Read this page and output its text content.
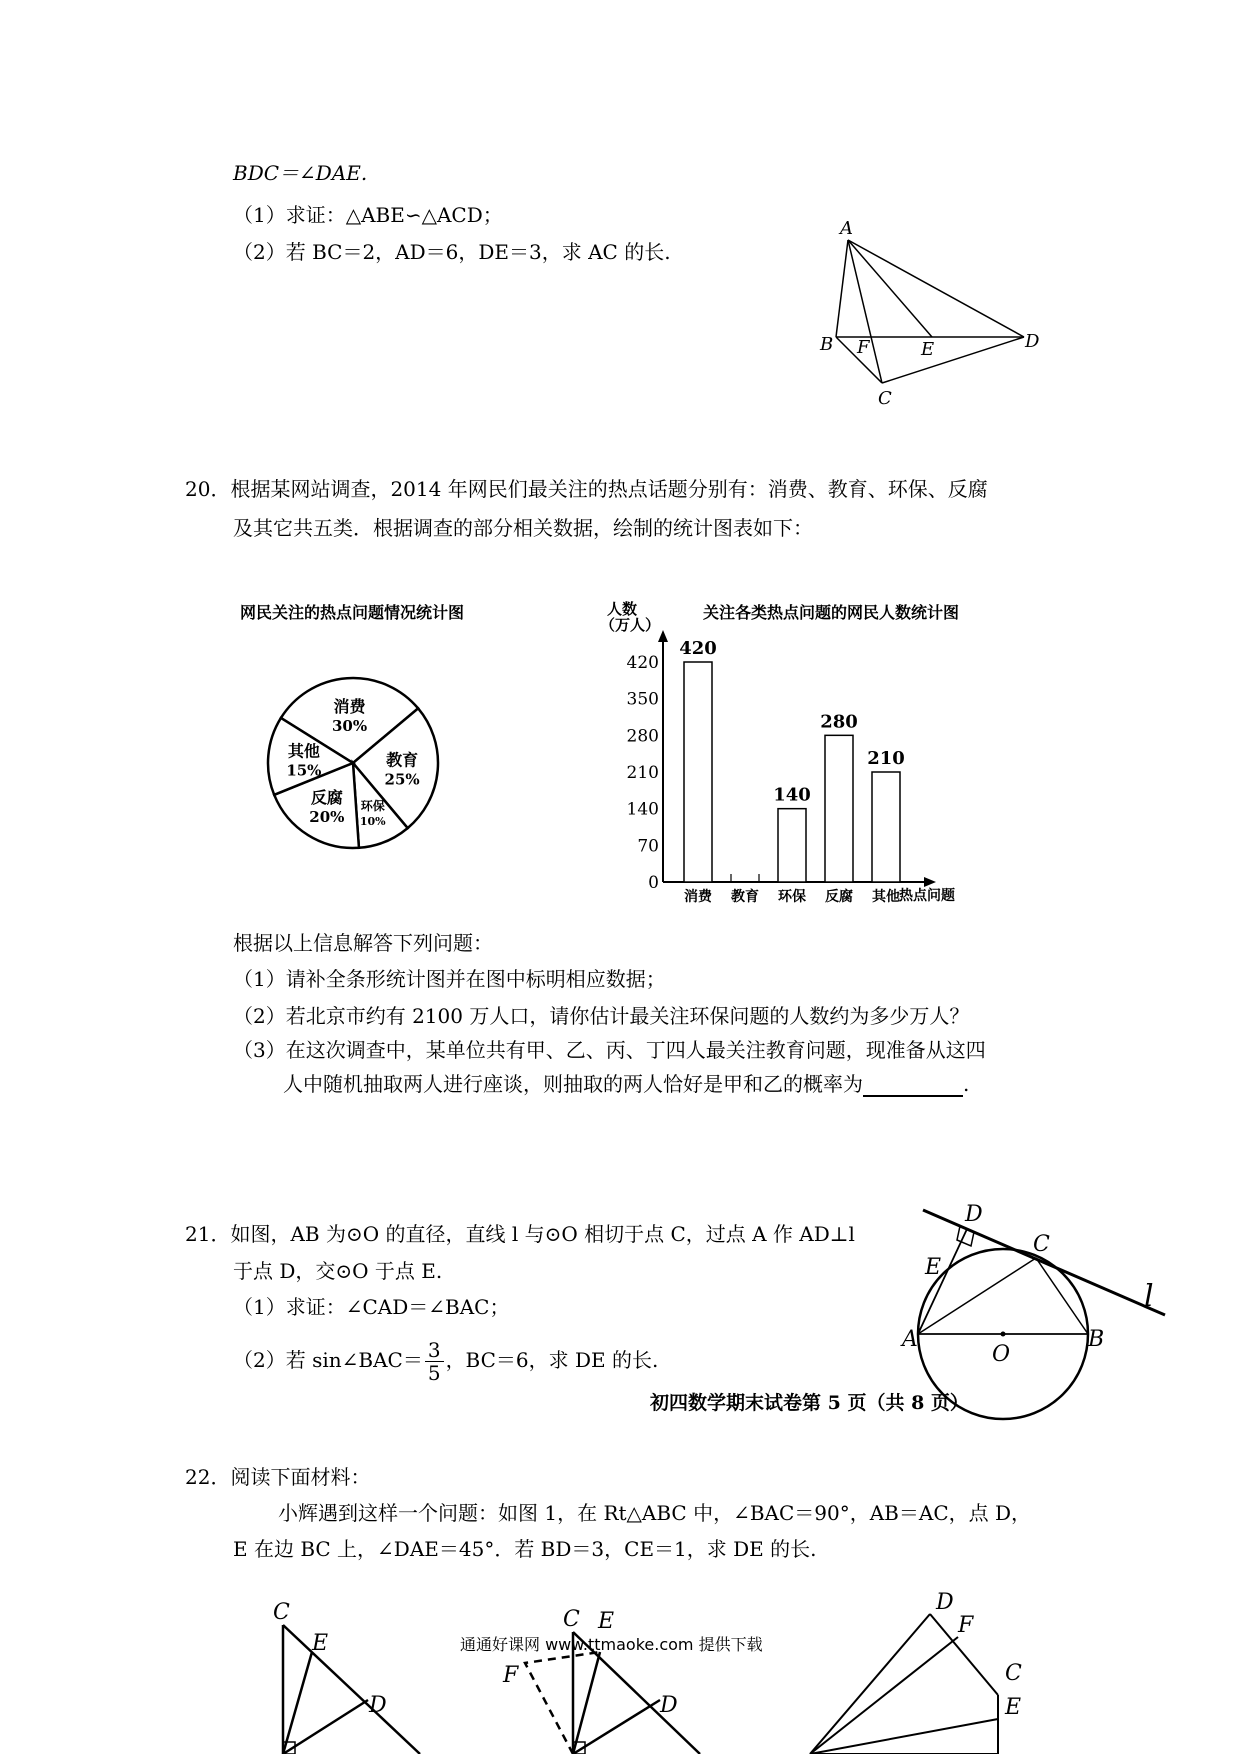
BDC＝∠DAE.
（1）求证：△ABE∽△ACD；
（2）若 BC＝2，AD＝6，DE＝3，求 AC 的长.
A
B F	E	D
C
20．根据某网站调查，2014 年网民们最关注的热点话题分别有：消费、教育、环保、反腐
及其它共五类．根据调查的部分相关数据，绘制的统计图表如下：
网民关注的热点问题情况统计图
消费
30%
教育
25%
环保
10%
反腐
20%
其他
15%
关注各类热点问题的网民人数统计图
人数
（万人）
热点问题
0
70
140
210
280
350
420
420
消费 教育
140
环保
280
反腐
210
其他
根据以上信息解答下列问题：
（1）请补全条形统计图并在图中标明相应数据；
（2）若北京市约有 2100 万人口，请你估计最关注环保问题的人数约为多少万人？
（3）在这次调查中，某单位共有甲、乙、丙、丁四人最关注教育问题，现准备从这四
人中随机抽取两人进行座谈，则抽取的两人恰好是甲和乙的概率为	.
21．如图，AB 为⊙O 的直径，直线 l 与⊙O 相切于点 C，过点 A 作 AD⊥l
于点 D，交⊙O 于点 E.
（1）求证：∠CAD＝∠BAC；
（2）若 sin∠BAC＝ $\frac{3}{5}$ ，BC＝6，求 DE 的长.
D
C
E
l
A
O
B
初四数学期末试卷第 5 页（共 8 页）
22．阅读下面材料：
小辉遇到这样一个问题：如图 1，在 Rt△ABC 中，∠BAC＝90°，AB＝AC，点 D，
E 在边 BC 上，∠DAE＝45°．若 BD＝3，CE＝1，求 DE 的长.
C
E
D
C
F
E
D
D
F
C
E
通通好课网 www.ttmaoke.com 提供下载
